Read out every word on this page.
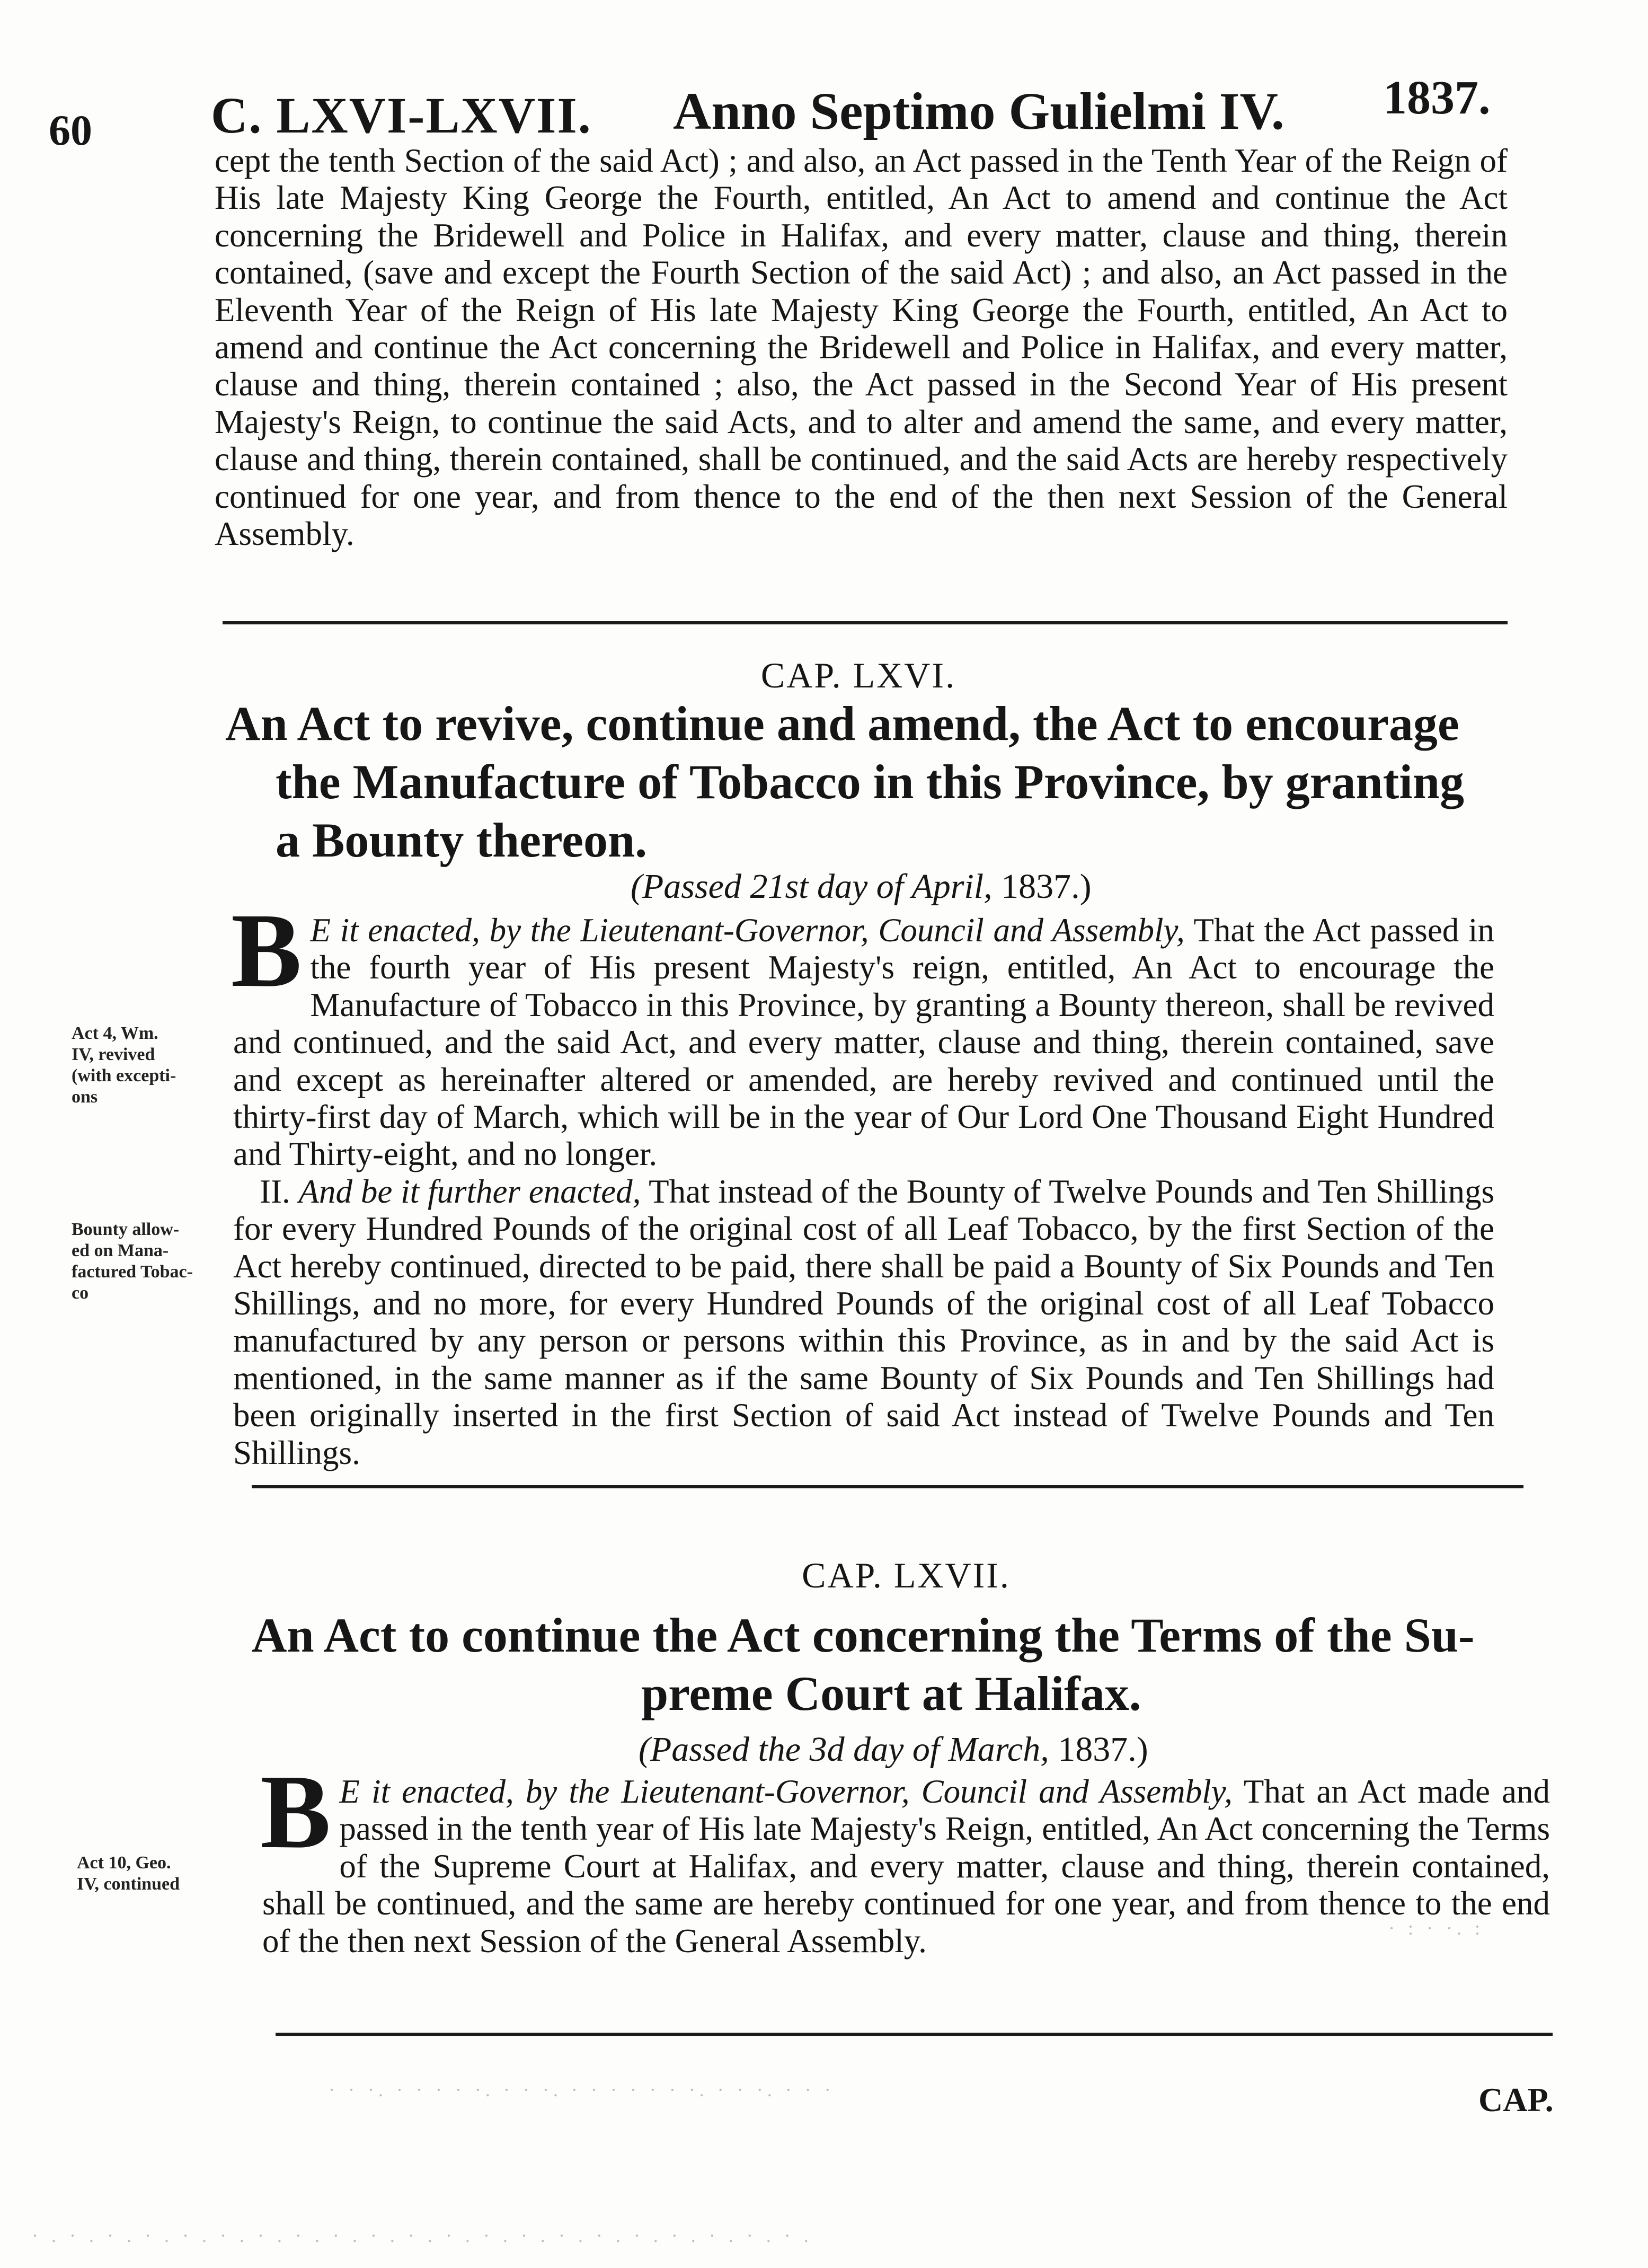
60 C. LXVI-LXVII. Anno Septimo Gulielmi IV. 1837.

cept the tenth Section of the said Act) ; and also, an Act passed in the Tenth Year of the Reign of His late Majesty King George the Fourth, entitled, An Act to amend and continue the Act concerning the Bridewell and Police in Halifax, and every matter, clause and thing, therein contained, (save and except the Fourth Section of the said Act) ; and also, an Act passed in the Eleventh Year of the Reign of His late Majesty King George the Fourth, entitled, An Act to amend and continue the Act concerning the Bridewell and Police in Halifax, and every matter, clause and thing, therein contained ; also, the Act passed in the Second Year of His present Majesty's Reign, to continue the said Acts, and to alter and amend the same, and every matter, clause and thing, therein contained, shall be continued, and the said Acts are hereby respectively continued for one year, and from thence to the end of the then next Session of the General Assembly.

CAP. LXVI.
An Act to revive, continue and amend, the Act to encourage
the Manufacture of Tobacco in this Province, by granting
a Bounty thereon.
(Passed 21st day of April, 1837.)
Act 4, Wm.
IV, revived
(with excepti-
ons
Bounty allow-
ed on Mana-
factured Tobac-
co

B E it enacted, by the Lieutenant-Governor, Council and Assembly, That the Act passed in the fourth year of His present Majesty's reign, entitled, An Act to encourage the Manufacture of Tobacco in this Province, by granting a Bounty thereon, shall be revived and continued, and the said Act, and every matter, clause and thing, therein contained, save and except as hereinafter altered or amended, are hereby revived and continued until the thirty-first day of March, which will be in the year of Our Lord One Thousand Eight Hundred and Thirty-eight, and no longer.

II. And be it further enacted, That instead of the Bounty of Twelve Pounds and Ten Shillings for every Hundred Pounds of the original cost of all Leaf Tobacco, by the first Section of the Act hereby continued, directed to be paid, there shall be paid a Bounty of Six Pounds and Ten Shillings, and no more, for every Hundred Pounds of the original cost of all Leaf Tobacco manufactured by any person or persons within this Province, as in and by the said Act is mentioned, in the same manner as if the same Bounty of Six Pounds and Ten Shillings had been originally inserted in the first Section of said Act instead of Twelve Pounds and Ten Shillings.

CAP. LXVII.
An Act to continue the Act concerning the Terms of the Su-
preme Court at Halifax.
(Passed the 3d day of March, 1837.)
Act 10, Geo.
IV, continued

B E it enacted, by the Lieutenant-Governor, Council and Assembly, That an Act made and passed in the tenth year of His late Majesty's Reign, entitled, An Act concerning the Terms of the Supreme Court at Halifax, and every matter, clause and thing, therein contained, shall be continued, and the same are hereby continued for one year, and from thence to the end of the then next Session of the General Assembly.	· : · ·. :
· · ·. · · · · ·. · · ·. · · · · · · ·. · · ·. · · ·
· . · . · . · . · . · . · . · . · . · . · . · . · . · . · . · . · . · . · . · . · .
CAP.
